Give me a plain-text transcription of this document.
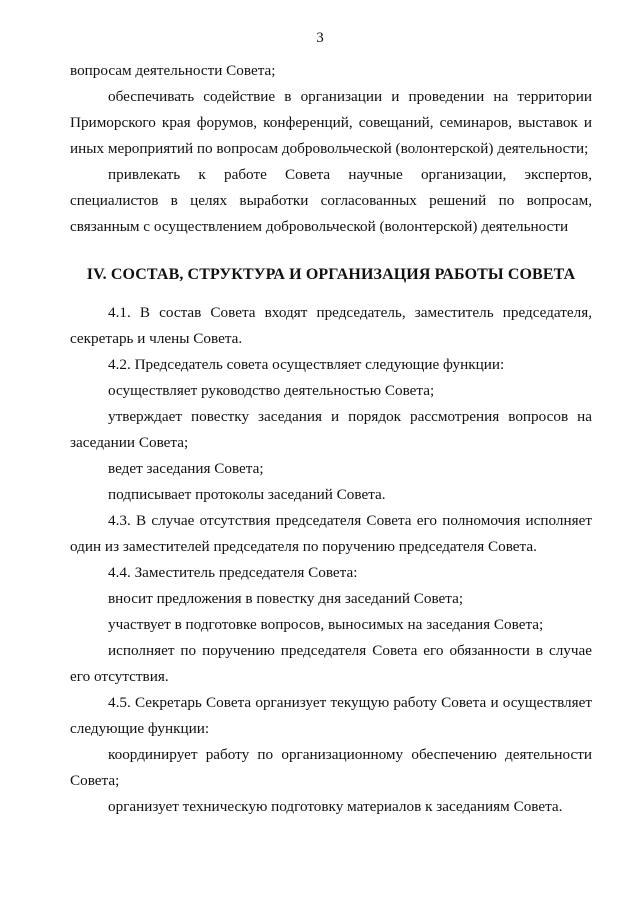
3

вопросам деятельности Совета;

обеспечивать содействие в организации и проведении на территории Приморского края форумов, конференций, совещаний, семинаров, выставок и иных мероприятий по вопросам добровольческой (волонтерской) деятельности;

привлекать к работе Совета научные организации, экспертов, специалистов в целях выработки согласованных решений по вопросам, связанным с осуществлением добровольческой (волонтерской) деятельности

IV. СОСТАВ, СТРУКТУРА И ОРГАНИЗАЦИЯ РАБОТЫ СОВЕТА

4.1. В состав Совета входят председатель, заместитель председателя, секретарь и члены Совета.

4.2. Председатель совета осуществляет следующие функции:

осуществляет руководство деятельностью Совета;

утверждает повестку заседания и порядок рассмотрения вопросов на заседании Совета;

ведет заседания Совета;

подписывает протоколы заседаний Совета.

4.3. В случае отсутствия председателя Совета его полномочия исполняет один из заместителей председателя по поручению председателя Совета.

4.4. Заместитель председателя Совета:

вносит предложения в повестку дня заседаний Совета;

участвует в подготовке вопросов, выносимых на заседания Совета;

исполняет по поручению председателя Совета его обязанности в случае его отсутствия.

4.5. Секретарь Совета организует текущую работу Совета и осуществляет следующие функции:

координирует работу по организационному обеспечению деятельности Совета;

организует техническую подготовку материалов к заседаниям Совета.
